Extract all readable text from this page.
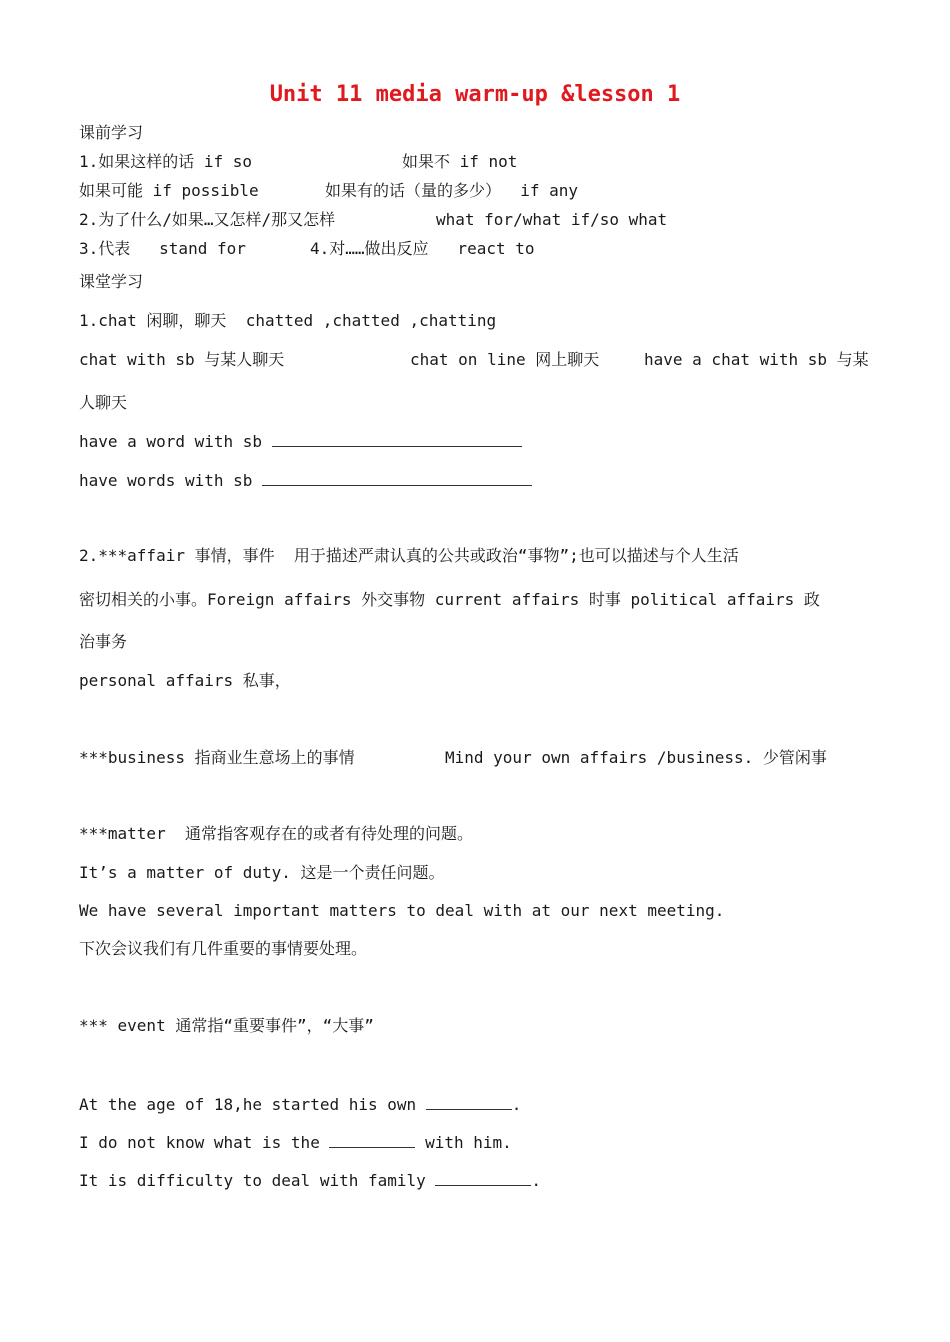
Unit 11 media warm-up &lesson 1
课前学习
1.如果这样的话 if so	如果不 if not
如果可能 if possible	如果有的话（量的多少）  if any
2.为了什么/如果…又怎样/那又怎样	what for/what if/so what
3.代表   stand for	4.对……做出反应   react to
课堂学习
1.chat 闲聊，聊天  chatted ,chatted ,chatting
chat with sb 与某人聊天	chat on line 网上聊天	have a chat with sb 与某
人聊天
have a word with sb
have words with sb
2.***affair 事情，事件  用于描述严肃认真的公共或政治“事物”;也可以描述与个人生活
密切相关的小事。Foreign affairs 外交事物 current affairs 时事 political affairs 政
治事务
personal affairs 私事，
***business 指商业生意场上的事情	Mind your own affairs /business. 少管闲事
***matter  通常指客观存在的或者有待处理的问题。
It’s a matter of duty. 这是一个责任问题。
We have several important matters to deal with at our next meeting.
下次会议我们有几件重要的事情要处理。
*** event 通常指“重要事件”，“大事”
At the age of 18,he started his own	.
I do not know what is the	with him.
It is difficulty to deal with family	.
